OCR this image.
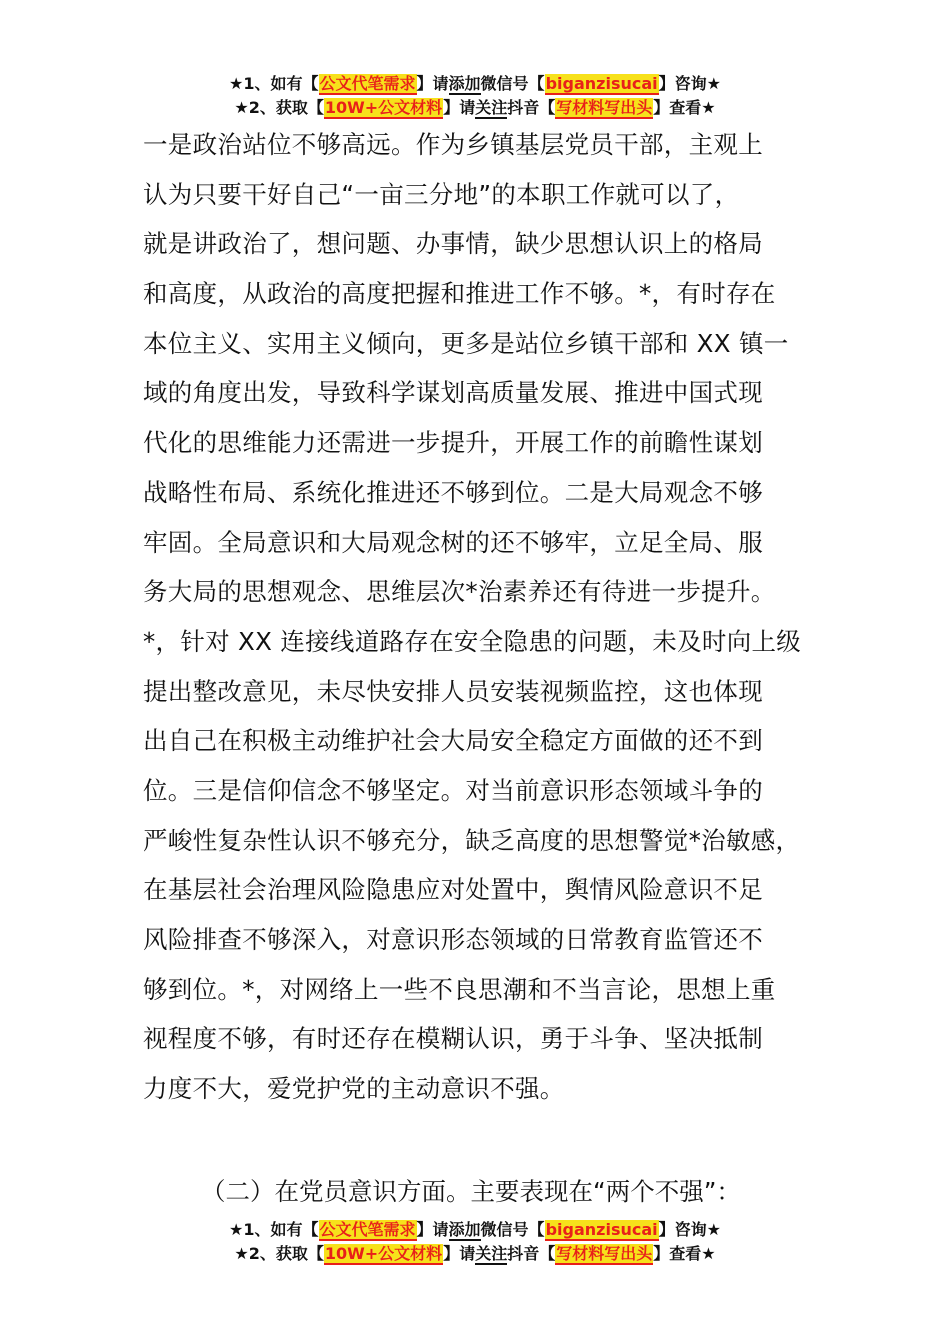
★1、如有【公文代笔需求】请添加微信号【biganzisucai】咨询★
★2、获取【10W+公文材料】请关注抖音【写材料写出头】查看★
一是政治站位不够高远。作为乡镇基层党员干部，主观上
认为只要干好自己“一亩三分地”的本职工作就可以了，
就是讲政治了，想问题、办事情，缺少思想认识上的格局
和高度，从政治的高度把握和推进工作不够。*，有时存在
本位主义、实用主义倾向，更多是站位乡镇干部和 XX 镇一
域的角度出发，导致科学谋划高质量发展、推进中国式现
代化的思维能力还需进一步提升，开展工作的前瞻性谋划
战略性布局、系统化推进还不够到位。二是大局观念不够
牢固。全局意识和大局观念树的还不够牢，立足全局、服
务大局的思想观念、思维层次*治素养还有待进一步提升。
*，针对 XX 连接线道路存在安全隐患的问题，未及时向上级
提出整改意见，未尽快安排人员安装视频监控，这也体现
出自己在积极主动维护社会大局安全稳定方面做的还不到
位。三是信仰信念不够坚定。对当前意识形态领域斗争的
严峻性复杂性认识不够充分，缺乏高度的思想警觉*治敏感，
在基层社会治理风险隐患应对处置中，舆情风险意识不足
风险排查不够深入，对意识形态领域的日常教育监管还不
够到位。*，对网络上一些不良思潮和不当言论，思想上重
视程度不够，有时还存在模糊认识，勇于斗争、坚决抵制
力度不大，爱党护党的主动意识不强。
（二）在党员意识方面。主要表现在“两个不强”：
★1、如有【公文代笔需求】请添加微信号【biganzisucai】咨询★
★2、获取【10W+公文材料】请关注抖音【写材料写出头】查看★
